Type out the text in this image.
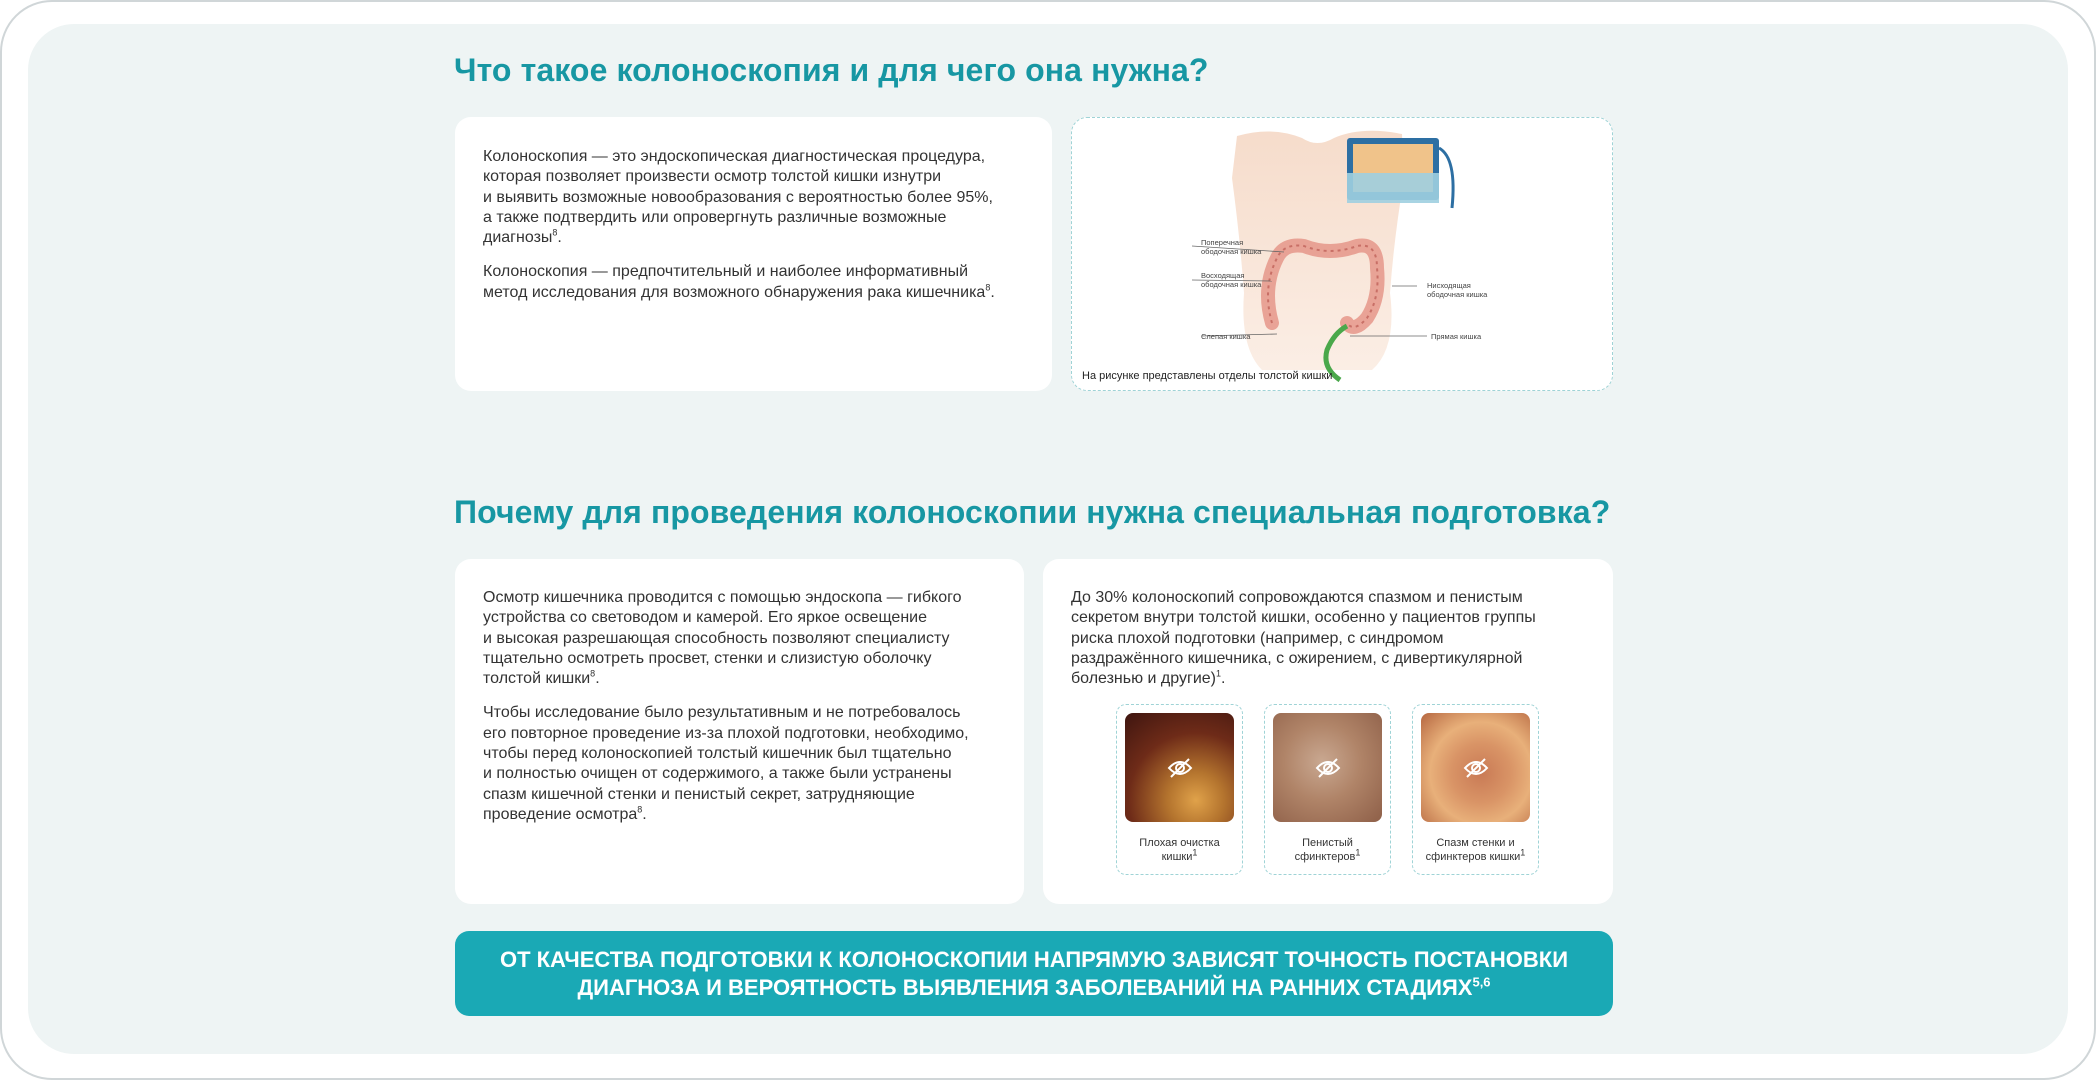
Что такое колоноскопия и для чего она нужна?

Колоноскопия — это эндоскопическая диагностическая процедура,
которая позволяет произвести осмотр толстой кишки изнутри
и выявить возможные новообразования с вероятностью более 95%,
а также подтвердить или опровергнуть различные возможные
диагнозы$^8$.

Колоноскопия — предпочтительный и наиболее информативный
метод исследования для возможного обнаружения рака кишечника$^8$.

Поперечная
ободочная кишка
Восходящая
ободочная кишка	Нисходящая
ободочная кишка
Слепая кишка	Прямая кишка
На рисунке представлены отделы толстой кишки
Почему для проведения колоноскопии нужна специальная подготовка?

Осмотр кишечника проводится с помощью эндоскопа — гибкого
устройства со световодом и камерой. Его яркое освещение
и высокая разрешающая способность позволяют специалисту
тщательно осмотреть просвет, стенки и слизистую оболочку
толстой кишки$^8$.

Чтобы исследование было результативным и не потребовалось
его повторное проведение из-за плохой подготовки, необходимо,
чтобы перед колоноскопией толстый кишечник был тщательно
и полностью очищен от содержимого, а также были устранены
спазм кишечной стенки и пенистый секрет, затрудняющие
проведение осмотра$^8$.

До 30% колоноскопий сопровождаются спазмом и пенистым
секретом внутри толстой кишки, особенно у пациентов группы
риска плохой подготовки (например, с синдромом
раздражённого кишечника, с ожирением, с дивертикулярной
болезнью и другие)$^1$.

Плохая очистка
кишки$^1$
Пенистый
сфинктеров$^1$
Спазм стенки и
сфинктеров кишки$^1$
ОТ КАЧЕСТВА ПОДГОТОВКИ К КОЛОНОСКОПИИ НАПРЯМУЮ ЗАВИСЯТ ТОЧНОСТЬ ПОСТАНОВКИ
ДИАГНОЗА И ВЕРОЯТНОСТЬ ВЫЯВЛЕНИЯ ЗАБОЛЕВАНИЙ НА РАННИХ СТАДИЯХ$^{5,6}$
